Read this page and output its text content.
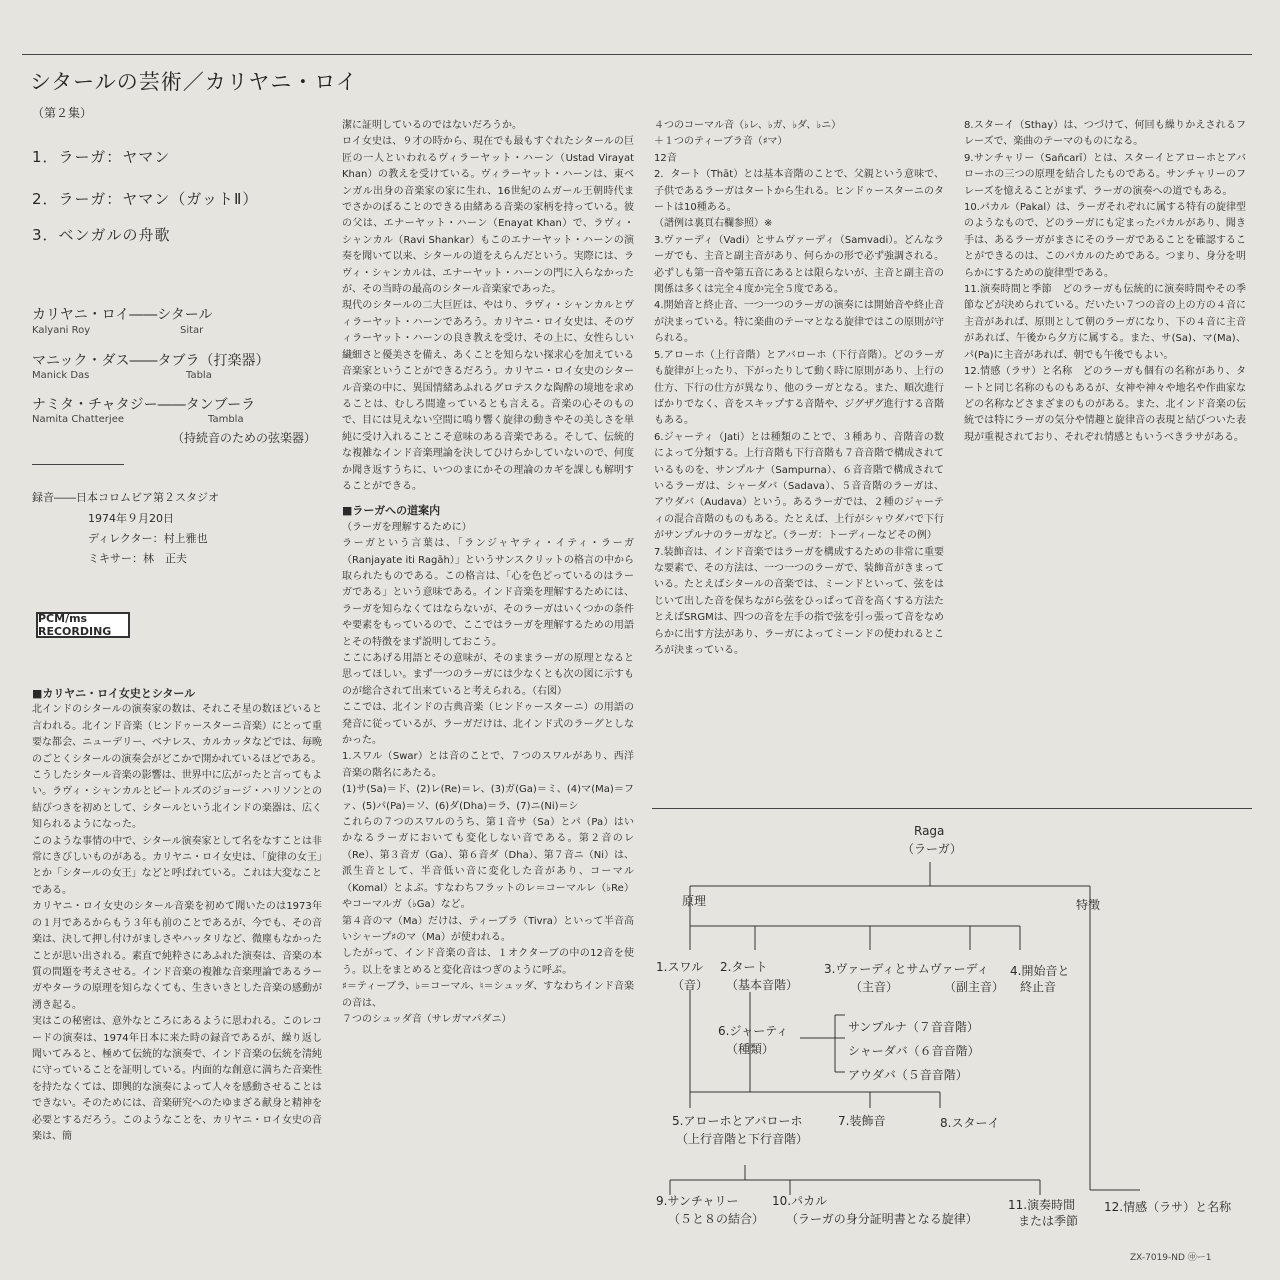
シタールの芸術／カリヤニ・ロイ
（第２集）
1．ラーガ：ヤマン
2．ラーガ：ヤマン（ガットⅡ）
3．ベンガルの舟歌
カリヤニ・ロイ――シタール
Kalyani Roy	Sitar
マニック・ダス――タブラ（打楽器）
Manick Das	Tabla
ナミタ・チャタジー――タンブーラ
Namita Chatterjee	Tambla
（持続音のための弦楽器）
録音――日本コロムビア第２スタジオ
1974年９月20日
ディレクター：村上雅也
ミキサー：林　正夫
PCM/ms RECORDING

■カリヤニ・ロイ女史とシタール

北インドのシタールの演奏家の数は、それこそ星の数ほどいると言われる。北インド音楽（ヒンドゥースターニ音楽）にとって重要な都会、ニューデリー、ベナレス、カルカッタなどでは、毎晩のごとくシタールの演奏会がどこかで開かれているほどである。

こうしたシタール音楽の影響は、世界中に広がったと言ってもよい。ラヴィ・シャンカルとビートルズのジョージ・ハリソンとの結びつきを初めとして、シタールという北インドの楽器は、広く知られるようになった。

このような事情の中で、シタール演奏家として名をなすことは非常にきびしいものがある。カリヤニ・ロイ女史は、「旋律の女王」とか「シタールの女王」などと呼ばれている。これは大変なことである。

カリヤニ・ロイ女史のシタール音楽を初めて聞いたのは1973年の１月であるからもう３年も前のことであるが、今でも、その音楽は、決して押し付けがましさやハッタリなど、微塵もなかったことが思い出される。素直で純粋さにあふれた演奏は、音楽の本質の問題を考えさせる。インド音楽の複雑な音楽理論であるラーガやターラの原理を知らなくても、生きいきとした音楽の感動が湧き起る。

実はこの秘密は、意外なところにあるように思われる。このレコードの演奏は、1974年日本に来た時の録音であるが、繰り返し聞いてみると、極めて伝統的な演奏で、インド音楽の伝統を清純に守っていることを証明している。内面的な創意に満ちた音楽性を持たなくては、即興的な演奏によって人々を感動させることはできない。そのためには、音楽研究へのたゆまざる献身と精神を必要とするだろう。このようなことを、カリヤニ・ロイ女史の音楽は、簡

潔に証明しているのではないだろうか。

ロイ女史は、９才の時から、現在でも最もすぐれたシタールの巨匠の一人といわれるヴィラーヤット・ハーン（Ustad Virayat Khan）の教えを受けている。ヴィラーヤット・ハーンは、東ベンガル出身の音楽家の家に生れ、16世紀のムガール王朝時代までさかのぼることのできる由緒ある音楽の家柄を持っている。彼の父は、エナーヤット・ハーン（Enayat Khan）で、ラヴィ・シャンカル（Ravi Shankar）もこのエナーヤット・ハーンの演奏を聞いて以来、シタールの道をえらんだという。実際には、ラヴィ・シャンカルは、エナーヤット・ハーンの門に入らなかったが、その当時の最高のシタール音楽家であった。

現代のシタールの二大巨匠は、やはり、ラヴィ・シャンカルとヴィラーヤット・ハーンであろう。カリヤニ・ロイ女史は、そのヴィラーヤット・ハーンの良き教えを受け、その上に、女性らしい繊細さと優美さを備え、あくことを知らない探求心を加えている音楽家ということができるだろう。カリヤニ・ロイ女史のシタール音楽の中に、異国情緒あふれるグロテスクな陶酔の境地を求めることは、むしろ間違っているとも言える。音楽の心そのもので、目には見えない空間に鳴り響く旋律の動きやその美しさを単純に受け入れることこそ意味のある音楽である。そして、伝統的な複雑なインド音楽理論を決してひけらかしていないので、何度か聞き返すうちに、いつのまにかその理論のカギを課しも解明することができる。

■ラーガへの道案内

（ラーガを理解するために）

ラーガという言葉は、「ランジャヤティ・イティ・ラーガ（Ranjayate iti Ragāh）」というサンスクリットの格言の中から取られたものである。この格言は、「心を色どっているのはラーガである」という意味である。インド音楽を理解するためには、ラーガを知らなくてはならないが、そのラーガはいくつかの条件や要素をもっているので、ここではラーガを理解するための用語とその特徴をまず説明しておこう。

ここにあげる用語とその意味が、そのままラーガの原理となると思ってほしい。まず一つのラーガには少なくとも次の図に示すものが総合されて出来ていると考えられる。（右図）

ここでは、北インドの古典音楽（ヒンドゥースターニ）の用語の発音に従っているが、ラーガだけは、北インド式のラーグとしなかった。

1.スワル（Swar）とは音のことで、７つのスワルがあり、西洋音楽の階名にあたる。

(1)サ(Sa)＝ド、(2)レ(Re)＝レ、(3)ガ(Ga)＝ミ、(4)マ(Ma)＝ファ、(5)パ(Pa)＝ソ、(6)ダ(Dha)＝ラ、(7)ニ(Ni)＝シ

これらの７つのスワルのうち、第１音サ（Sa）とパ（Pa）はいかなるラーガにおいても変化しない音である。第２音のレ（Re）、第３音ガ（Ga）、第６音ダ（Dha）、第７音ニ（Ni）は、派生音として、半音低い音に変化した音があり、コーマル（Komal）とよぶ。すなわちフラットのレ＝コーマルレ（♭Re）やコーマルガ（♭Ga）など。

第４音のマ（Ma）だけは、ティーブラ（Tivra）といって半音高いシャープ♯のマ（Ma）が使われる。

したがって、インド音楽の音は、１オクターブの中の12音を使う。以上をまとめると変化音はつぎのように呼ぶ。

♯＝ティーブラ、♭＝コーマル、♮＝シュッダ、すなわちインド音楽の音は、

７つのシュッダ音（サレガマパダニ）

４つのコーマル音（♭レ、♭ガ、♭ダ、♭ニ）

＋１つのティーブラ音（♯マ）

12音

2．タート（Thāt）とは基本音階のことで、父親という意味で、子供であるラーガはタートから生れる。ヒンドゥースターニのタートは10種ある。

（譜例は裏頁右欄参照）※

3.ヴァーディ（Vadi）とサムヴァーディ（Samvadi）。どんなラーガでも、主音と副主音があり、何らかの形で必ず強調される。必ずしも第一音や第五音にあるとは限らないが、主音と副主音の関係は多くは完全４度か完全５度である。

4.開始音と終止音、一つ一つのラーガの演奏には開始音や終止音が決まっている。特に楽曲のテーマとなる旋律ではこの原則が守られる。

5.アローホ（上行音階）とアバローホ（下行音階）。どのラーガも旋律が上ったり、下がったりして動く時に原則があり、上行の仕方、下行の仕方が異なり、他のラーガとなる。また、順次進行ばかりでなく、音をスキップする音階や、ジグザグ進行する音階もある。

6.ジャーティ（Jati）とは種類のことで、３種あり、音階音の数によって分類する。上行音階も下行音階も７音音階で構成されているものを、サンプルナ（Sampurna）、６音音階で構成されているラーガは、シャーダバ（Sadava）、５音音階のラーガは、アウダバ（Audava）という。あるラーガでは、２種のジャーティの混合音階のものもある。たとえば、上行がシャウダバで下行がサンプルナのラーガなど。（ラーガ：トーディーなどその例）

7.装飾音は、インド音楽ではラーガを構成するための非常に重要な要素で、その方法は、一つ一つのラーガで、装飾音がきまっている。たとえばシタールの音楽では、ミーンドといって、弦をはじいて出した音を保ちながら弦をひっぱって音を高くする方法たとえばSRGMは、四つの音を左手の指で弦を引っ張って音をなめらかに出す方法があり、ラーガによってミーンドの使われるところが決まっている。

8.スターイ（Sthay）は、つづけて、何回も繰りかえされるフレーズで、楽曲のテーマのものになる。

9.サンチャリー（Sañcarī）とは、スターイとアローホとアバローホの三つの原理を結合したものである。サンチャリーのフレーズを憶えることがまず、ラーガの演奏への道でもある。

10.パカル（Pakal）は、ラーガそれぞれに属する特有の旋律型のようなもので、どのラーガにも定まったパカルがあり、聞き手は、あるラーガがまさにそのラーガであることを確認することができるのは、このパカルのためである。つまり、身分を明らかにするための旋律型である。

11.演奏時間と季節　どのラーガも伝統的に演奏時間やその季節などが決められている。だいたい７つの音の上の方の４音に主音があれば、原則として朝のラーガになり、下の４音に主音があれば、午後から夕方に属する。また、サ(Sa)、マ(Ma)、パ(Pa)に主音があれば、朝でも午後でもよい。

12.情感（ラサ）と名称　どのラーガも個有の名称があり、タートと同じ名称のものもあるが、女神や神々や地名や作曲家などの名称などさまざまのものがある。また、北インド音楽の伝統では特にラーガの気分や情趣と旋律音の表現と結びついた表現が重視されており、それぞれ情感ともいうべきラサがある。

Raga
（ラーガ）
原理	特徴
1.スワル
（音）
2.タート
（基本音階）
3.ヴァーディとサムヴァーディ
（主音）	（副主音）
4.開始音と
終止音
6.ジャーティ
（種類）
サンプルナ（７音音階）
シャーダバ（６音音階）
アウダバ（５音音階）
5.アローホとアバローホ
（上行音階と下行音階）
7.装飾音	8.スターイ
9.サンチャリー
（５と８の結合）
10.パカル
（ラーガの身分証明書となる旋律）
11.演奏時間
または季節
12.情感（ラサ）と名称
ZX-7019-ND ㊥ー1
